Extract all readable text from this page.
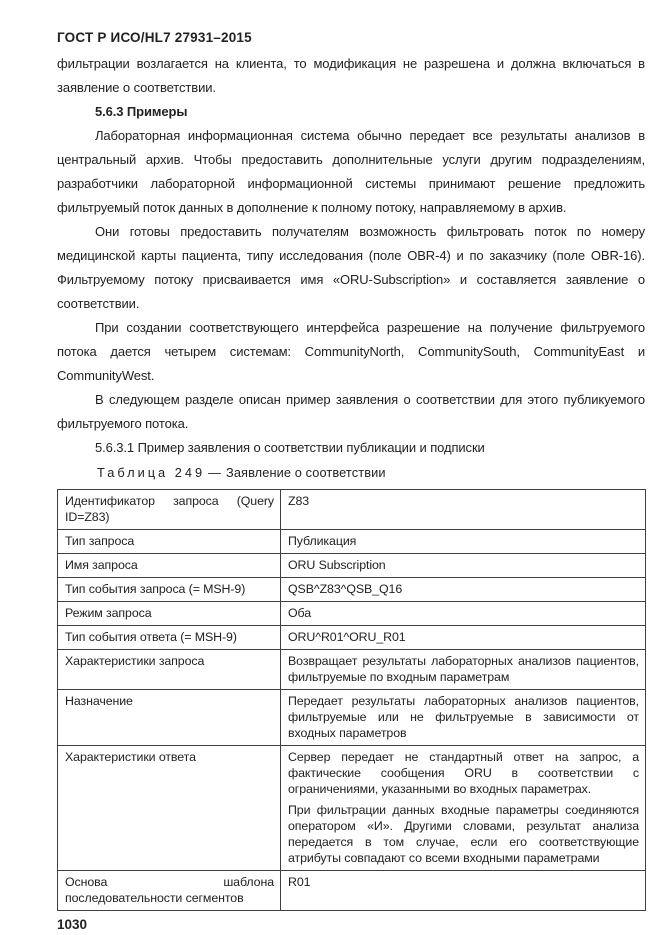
ГОСТ Р ИСО/HL7 27931–2015

фильтрации возлагается на клиента, то модификация не разрешена и должна включаться в заявление о соответствии.

5.6.3 Примеры

Лабораторная информационная система обычно передает все результаты анализов в центральный архив. Чтобы предоставить дополнительные услуги другим подразделениям, разработчики лабораторной информационной системы принимают решение предложить фильтруемый поток данных в дополнение к полному потоку, направляемому в архив.

Они готовы предоставить получателям возможность фильтровать поток по номеру медицинской карты пациента, типу исследования (поле OBR-4) и по заказчику (поле OBR-16). Фильтруемому потоку присваивается имя «ORU-Subscription» и составляется заявление о соответствии.

При создании соответствующего интерфейса разрешение на получение фильтруемого потока дается четырем системам: CommunityNorth, CommunitySouth, CommunityEast и CommunityWest.

В следующем разделе описан пример заявления о соответствии для этого публикуемого фильтруемого потока.

5.6.3.1 Пример заявления о соответствии публикации и подписки

Таблица 249 — Заявление о соответствии
Идентификатор запроса (Query ID=Z83)	Z83
Тип запроса	Публикация
Имя запроса	ORU Subscription
Тип события запроса (= MSH-9)	QSB^Z83^QSB_Q16
Режим запроса	Оба
Тип события ответа (= MSH-9)	ORU^R01^ORU_R01
Характеристики запроса	Возвращает результаты лабораторных анализов пациентов, фильтруемые по входным параметрам
Назначение	Передает результаты лабораторных анализов пациентов, фильтруемые или не фильтруемые в зависимости от входных параметров
Характеристики ответа	Сервер передает не стандартный ответ на запрос, а фактические сообщения ORU в соответствии с ограничениями, указанными во входных параметрах.

При фильтрации данных входные параметры соединяются оператором «И». Другими словами, результат анализа передается в том случае, если его соответствующие атрибуты совпадают со всеми входными параметрами

Основа шаблона последовательности сегментов	R01
1030
